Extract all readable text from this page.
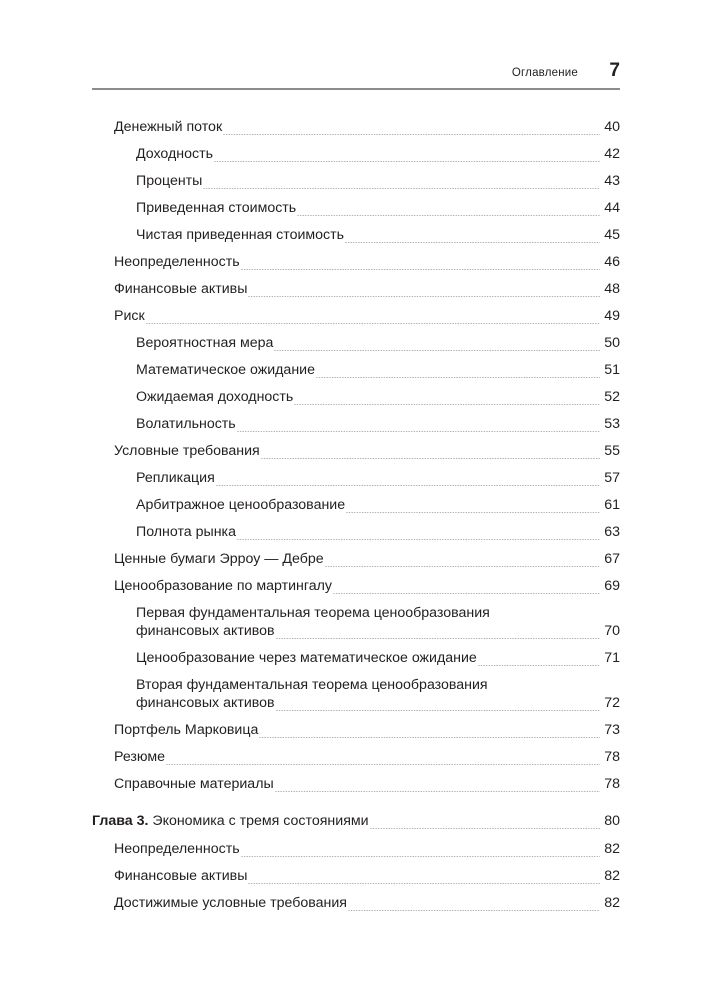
Оглавление 7
Денежный поток	40
Доходность	42
Проценты	43
Приведенная стоимость	44
Чистая приведенная стоимость	45
Неопределенность	46
Финансовые активы	48
Риск	49
Вероятностная мера	50
Математическое ожидание	51
Ожидаемая доходность	52
Волатильность	53
Условные требования	55
Репликация	57
Арбитражное ценообразование	61
Полнота рынка	63
Ценные бумаги Эрроу — Дебре	67
Ценообразование по мартингалу	69
Первая фундаментальная теорема ценообразования
финансовых активов	70
Ценообразование через математическое ожидание	71
Вторая фундаментальная теорема ценообразования
финансовых активов	72
Портфель Марковица	73
Резюме	78
Справочные материалы	78
Глава 3. Экономика с тремя состояниями	80
Неопределенность	82
Финансовые активы	82
Достижимые условные требования	82
